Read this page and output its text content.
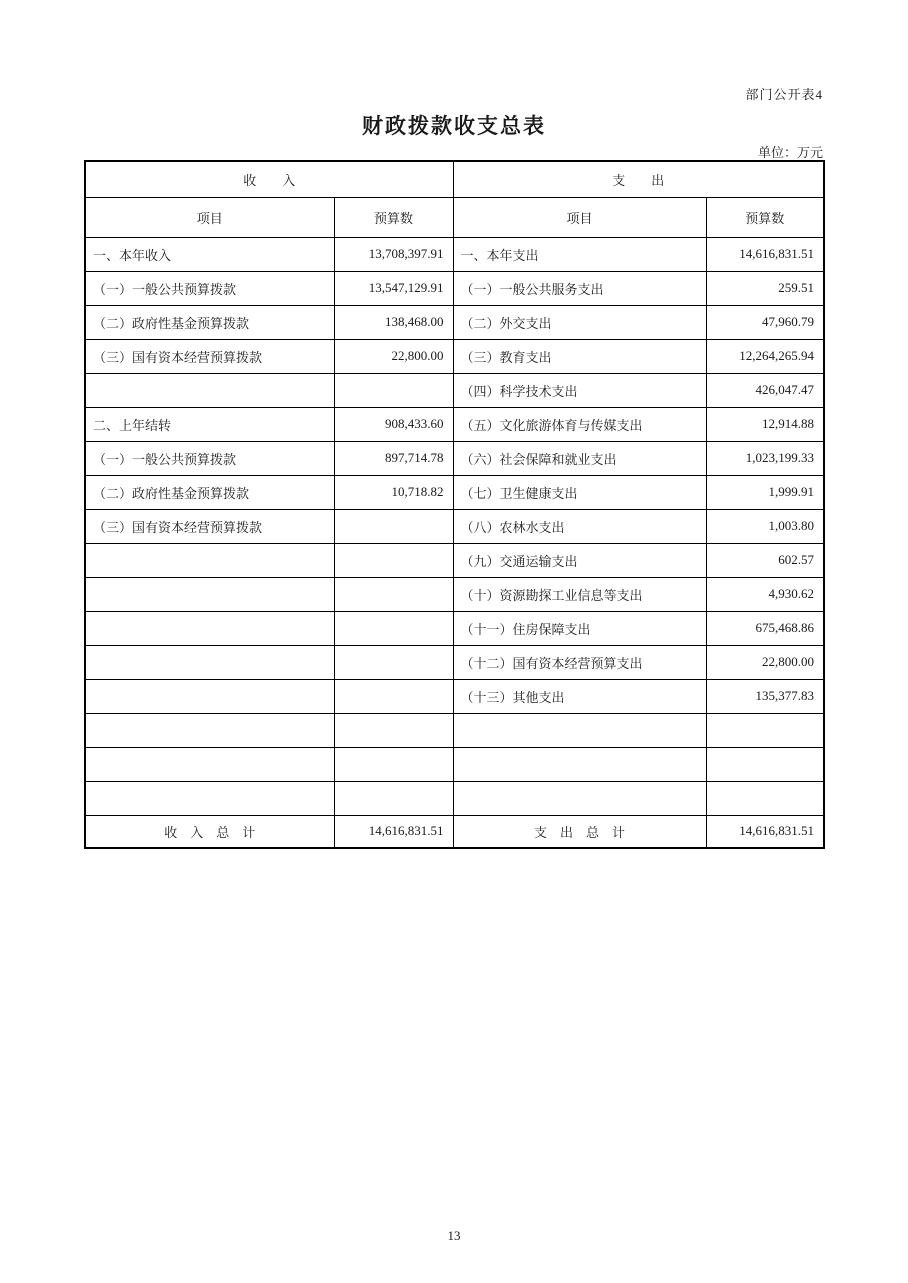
部门公开表4
财政拨款收支总表
单位：万元
收　　入		支　　出	
项目	预算数	项目	预算数
一、本年收入	13,708,397.91	一、本年支出	14,616,831.51
（一）一般公共预算拨款	13,547,129.91	（一）一般公共服务支出	259.51
（二）政府性基金预算拨款	138,468.00	（二）外交支出	47,960.79
（三）国有资本经营预算拨款	22,800.00	（三）教育支出	12,264,265.94
		（四）科学技术支出	426,047.47
二、上年结转	908,433.60	（五）文化旅游体育与传媒支出	12,914.88
（一）一般公共预算拨款	897,714.78	（六）社会保障和就业支出	1,023,199.33
（二）政府性基金预算拨款	10,718.82	（七）卫生健康支出	1,999.91
（三）国有资本经营预算拨款		（八）农林水支出	1,003.80
		（九）交通运输支出	602.57
		（十）资源勘探工业信息等支出	4,930.62
		（十一）住房保障支出	675,468.86
		（十二）国有资本经营预算支出	22,800.00
		（十三）其他支出	135,377.83

收　入　总　计	14,616,831.51	支　出　总　计	14,616,831.51
13
